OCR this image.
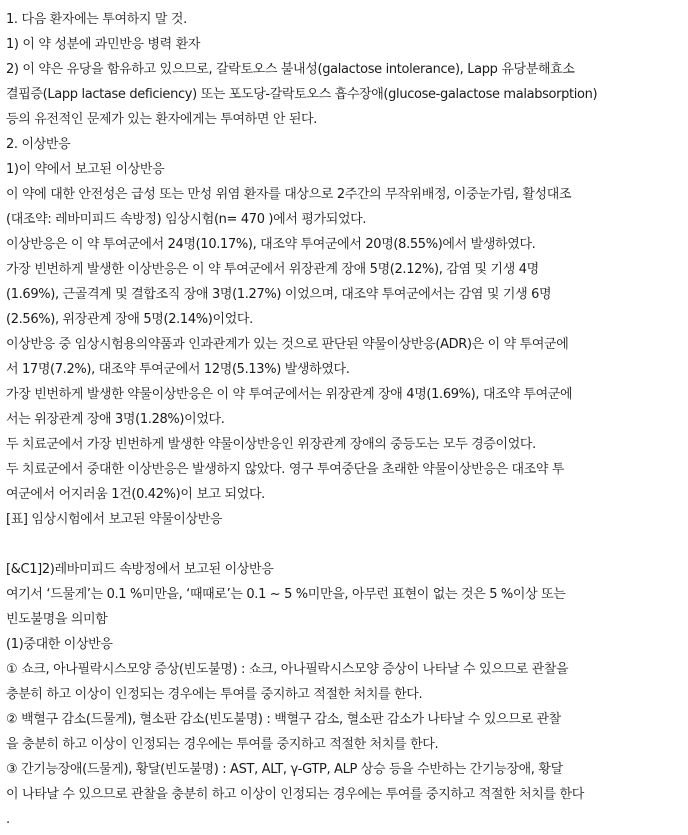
1. 다음 환자에는 투여하지 말 것.
1) 이 약 성분에 과민반응 병력 환자
2) 이 약은 유당을 함유하고 있으므로, 갈락토오스 불내성(galactose intolerance), Lapp 유당분해효소
결핍증(Lapp lactase deficiency) 또는 포도당-갈락토오스 흡수장애(glucose-galactose malabsorption)
등의 유전적인 문제가 있는 환자에게는 투여하면 안 된다.
2. 이상반응
1)이 약에서 보고된 이상반응
이 약에 대한 안전성은 급성 또는 만성 위염 환자를 대상으로 2주간의 무작위배정, 이중눈가림, 활성대조
(대조약: 레바미피드 속방정) 임상시험(n= 470 )에서 평가되었다.
이상반응은 이 약 투여군에서 24명(10.17%), 대조약 투여군에서 20명(8.55%)에서 발생하였다.
가장 빈번하게 발생한 이상반응은 이 약 투여군에서 위장관계 장애 5명(2.12%), 감염 및 기생 4명
(1.69%), 근골격계 및 결합조직 장애 3명(1.27%) 이었으며, 대조약 투여군에서는 감염 및 기생 6명
(2.56%), 위장관계 장애 5명(2.14%)이었다.
이상반응 중 임상시험용의약품과 인과관계가 있는 것으로 판단된 약물이상반응(ADR)은 이 약 투여군에
서 17명(7.2%), 대조약 투여군에서 12명(5.13%) 발생하였다.
가장 빈번하게 발생한 약물이상반응은 이 약 투여군에서는 위장관계 장애 4명(1.69%), 대조약 투여군에
서는 위장관계 장애 3명(1.28%)이었다.
두 치료군에서 가장 빈번하게 발생한 약물이상반응인 위장관계 장애의 중등도는 모두 경증이었다.
두 치료군에서 중대한 이상반응은 발생하지 않았다. 영구 투여중단을 초래한 약물이상반응은 대조약 투
여군에서 어지러움 1건(0.42%)이 보고 되었다.
[표] 임상시험에서 보고된 약물이상반응
[&C1]2)레바미피드 속방정에서 보고된 이상반응
여기서 ‘드물게’는 0.1 %미만을, ‘때때로’는 0.1 ~ 5 %미만을, 아무런 표현이 없는 것은 5 %이상 또는
빈도불명을 의미함
(1)중대한 이상반응
① 쇼크, 아나필락시스모양 증상(빈도불명) : 쇼크, 아나필락시스모양 증상이 나타날 수 있으므로 관찰을
충분히 하고 이상이 인정되는 경우에는 투여를 중지하고 적절한 처치를 한다.
② 백혈구 감소(드물게), 혈소판 감소(빈도불명) : 백혈구 감소, 혈소판 감소가 나타날 수 있으므로 관찰
을 충분히 하고 이상이 인정되는 경우에는 투여를 중지하고 적절한 처치를 한다.
③ 간기능장애(드물게), 황달(빈도불명) : AST, ALT, γ-GTP, ALP 상승 등을 수반하는 간기능장애, 황달
이 나타날 수 있으므로 관찰을 충분히 하고 이상이 인정되는 경우에는 투여를 중지하고 적절한 처치를 한다
.
